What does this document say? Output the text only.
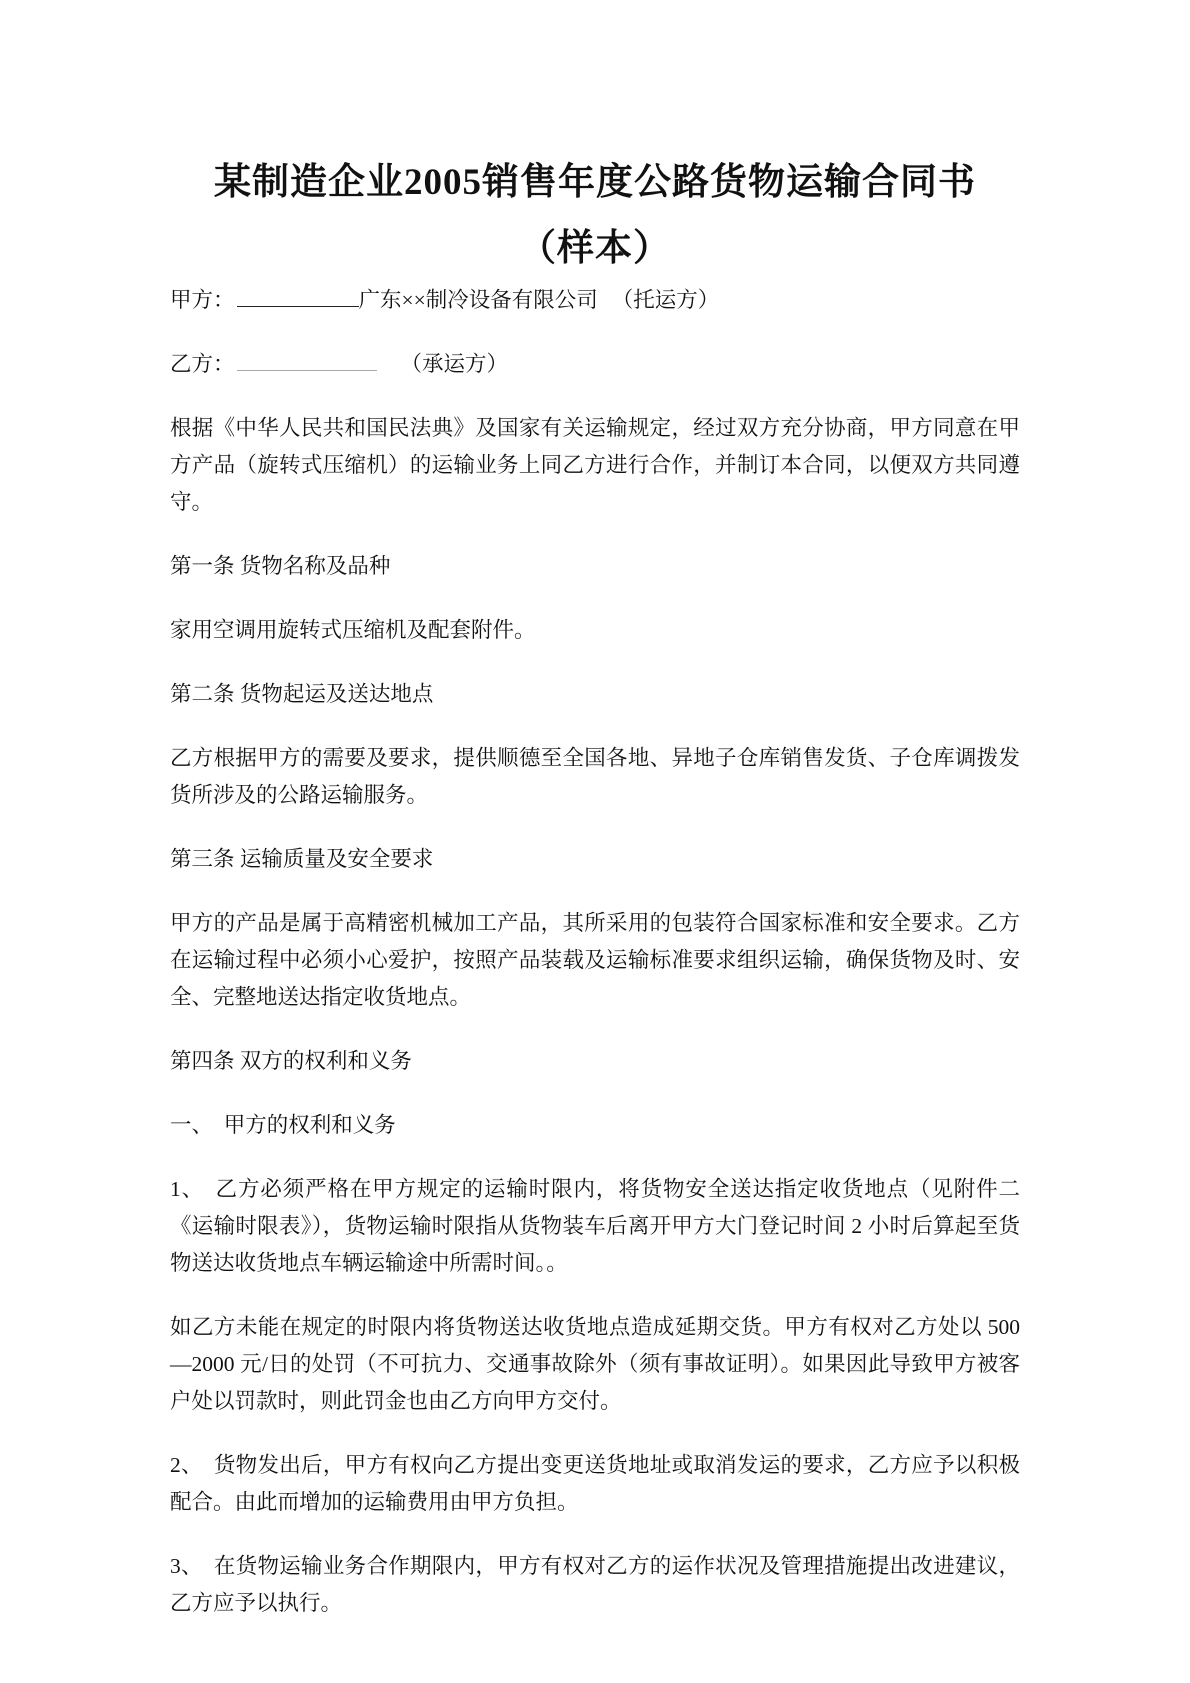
某制造企业2005销售年度公路货物运输合同书
（样本）

甲方：	广东××制冷设备有限公司 （托运方）

乙方：	（承运方）

根据《中华人民共和国民法典》及国家有关运输规定，经过双方充分协商，甲方同意在甲方产品（旋转式压缩机）的运输业务上同乙方进行合作，并制订本合同，以便双方共同遵守。

第一条 货物名称及品种

家用空调用旋转式压缩机及配套附件。

第二条 货物起运及送达地点

乙方根据甲方的需要及要求，提供顺德至全国各地、异地子仓库销售发货、子仓库调拨发货所涉及的公路运输服务。

第三条 运输质量及安全要求

甲方的产品是属于高精密机械加工产品，其所采用的包装符合国家标准和安全要求。乙方在运输过程中必须小心爱护，按照产品装载及运输标准要求组织运输，确保货物及时、安全、完整地送达指定收货地点。

第四条 双方的权利和义务

一、　甲方的权利和义务

1、　乙方必须严格在甲方规定的运输时限内，将货物安全送达指定收货地点（见附件二《运输时限表》），货物运输时限指从货物装车后离开甲方大门登记时间 2 小时后算起至货物送达收货地点车辆运输途中所需时间。。

如乙方未能在规定的时限内将货物送达收货地点造成延期交货。甲方有权对乙方处以 500—2000 元/日的处罚（不可抗力、交通事故除外（须有事故证明）。如果因此导致甲方被客户处以罚款时，则此罚金也由乙方向甲方交付。

2、　货物发出后，甲方有权向乙方提出变更送货地址或取消发运的要求，乙方应予以积极配合。由此而增加的运输费用由甲方负担。

3、　在货物运输业务合作期限内，甲方有权对乙方的运作状况及管理措施提出改进建议，乙方应予以执行。
